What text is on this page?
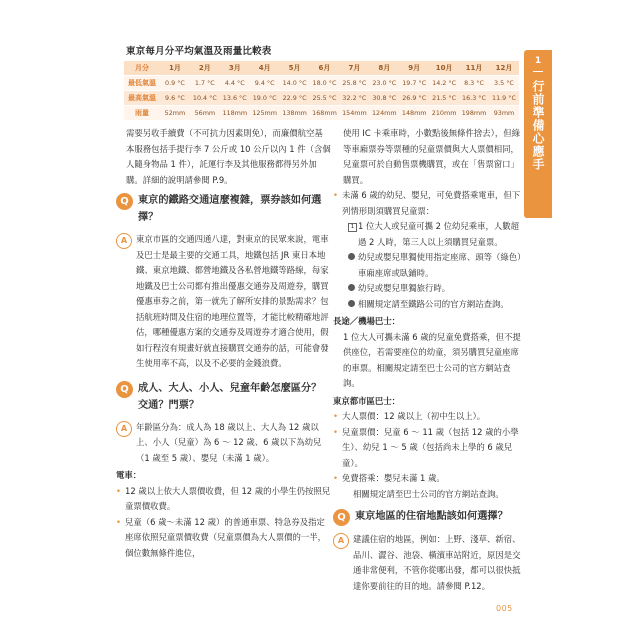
東京每月分平均氣溫及雨量比較表
月分	1月	2月	3月	4月	5月	6月	7月	8月	9月	10月	11月	12月
最低氣溫	0.9 °C	1.7 °C	4.4 °C	9.4 °C	14.0 °C	18.0 °C	25.8 °C	23.0 °C	19.7 °C	14.2 °C	8.3 °C	3.5 °C
最高氣溫	9.6 °C	10.4 °C	13.6 °C	19.0 °C	22.9 °C	25.5 °C	32.2 °C	30.8 °C	26.9 °C	21.5 °C	16.3 °C	11.9 °C
雨量	52mm	56mm	118mm	125mm	138mm	168mm	154mm	124mm	148mm	210mm	198mm	93mm
1
行前準備心應手

需要另收手續費（不可抗力因素則免），而廉價航空基本服務包括手提行李 7 公斤或 10 公斤以內 1 件（含個人隨身物品 1 件），託運行李及其他服務都得另外加購。詳細的說明請參閱 P.9。

Q 東京的鐵路交通這麼複雜，票券該如何選擇？
A	東京市區的交通四通八達，對東京的民眾來說，電車及巴士是最主要的交通工具，地鐵包括 JR 東日本地鐵、東京地鐵、都營地鐵及各私營地鐵等路線，每家地鐵及巴士公司都有推出優惠交通券及周遊券，購買優惠車券之前，第一就先了解所安排的景點需求？包括航班時間及住宿的地理位置等，才能比較精確地評估，哪種優惠方案的交通券及周遊券才適合使用，假如行程沒有規畫好就直接購買交通券的話，可能會發生使用率不高，以及不必要的金錢浪費。

Q 成人、大人、小人、兒童年齡怎麼區分？交通？門票？
A	年齡區分為：成人為 18 歲以上、大人為 12 歲以上、小人（兒童）為 6 ～ 12 歲、6 歲以下為幼兒（1 歲至 5 歲）、嬰兒（未滿 1 歲）。

電車：
• 12 歲以上依大人票價收費，但 12 歲的小學生仍按照兒童票價收費。
• 兒童（6 歲～未滿 12 歲）的普通車票、特急券及指定座席依照兒童票價收費（兒童票價為大人票價的一半，個位數無條件進位，

使用 IC 卡乘車時，小數點後無條件捨去），但綠等車廂票券等票種的兒童票價與大人票價相同，兒童票可於自動售票機購買，或在「售票窗口」購買。

• 未滿 6 歲的幼兒、嬰兒，可免費搭乘電車，但下列情形則須購買兒童票：
1 1 位大人或兒童可攜 2 位幼兒乘車，人數超過 2 人時，第三人以上須購買兒童票。
幼兒或嬰兒單獨使用指定座席、頭等（綠色）車廂座席或臥鋪時。
幼兒或嬰兒單獨旅行時。
相關規定請至鐵路公司的官方網站查詢。
長途／機場巴士：

1 位大人可攜未滿 6 歲的兒童免費搭乘，但不提供座位，若需要座位的幼童，須另購買兒童座席的車票。相關規定請至巴士公司的官方網站查詢。

東京都市區巴士：
• 大人票價：12 歲以上（初中生以上）。
• 兒童票價：兒童 6 ～ 11 歲（包括 12 歲的小學生）、幼兒 1 ～ 5 歲（包括尚未上學的 6 歲兒童）。
• 免費搭乘：嬰兒未滿 1 歲。
相關規定請至巴士公司的官方網站查詢。
Q 東京地區的住宿地點該如何選擇？
A	建議住宿的地區，例如：上野、淺草、新宿、品川、澀谷、池袋、橫濱車站附近，原因是交通非常便利，不管你從哪出發，都可以很快抵達你要前往的目的地。請參閱 P.12。

005
